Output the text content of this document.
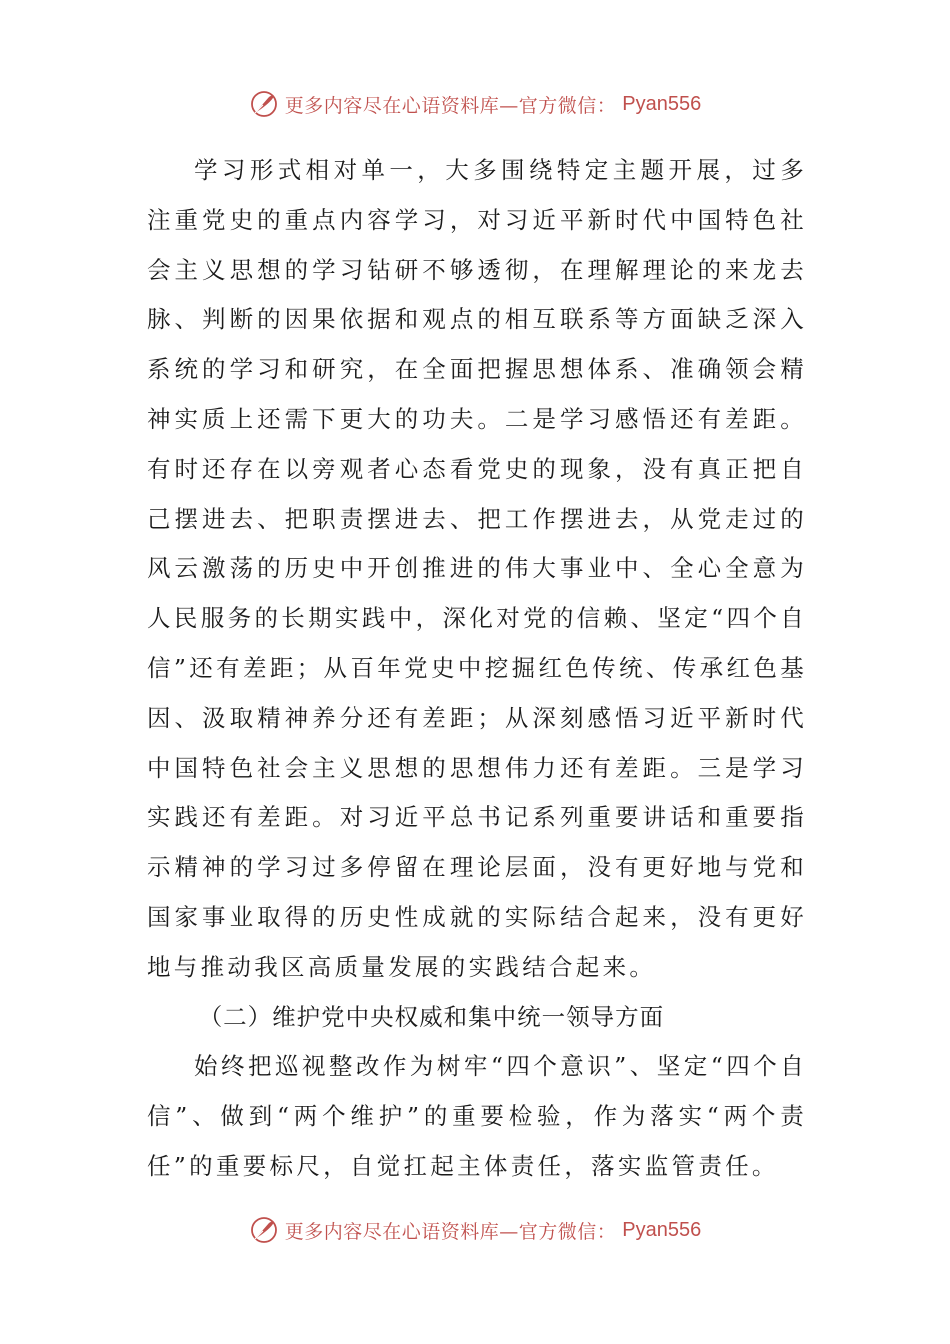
更多内容尽在心语资料库—官方微信： Pyan556

学习形式相对单一，大多围绕特定主题开展，过多注重党史的重点内容学习，对习近平新时代中国特色社会主义思想的学习钻研不够透彻，在理解理论的来龙去脉、判断的因果依据和观点的相互联系等方面缺乏深入系统的学习和研究，在全面把握思想体系、准确领会精神实质上还需下更大的功夫。二是学习感悟还有差距。有时还存在以旁观者心态看党史的现象，没有真正把自己摆进去、把职责摆进去、把工作摆进去，从党走过的风云激荡的历史中开创推进的伟大事业中、全心全意为人民服务的长期实践中，深化对党的信赖、坚定“四个自信”还有差距；从百年党史中挖掘红色传统、传承红色基因、汲取精神养分还有差距；从深刻感悟习近平新时代中国特色社会主义思想的思想伟力还有差距。三是学习实践还有差距。对习近平总书记系列重要讲话和重要指示精神的学习过多停留在理论层面，没有更好地与党和国家事业取得的历史性成就的实际结合起来，没有更好地与推动我区高质量发展的实践结合起来。

（二）维护党中央权威和集中统一领导方面

始终把巡视整改作为树牢“四个意识”、坚定“四个自信”、做到“两个维护”的重要检验，作为落实“两个责任”的重要标尺，自觉扛起主体责任，落实监管责任。

更多内容尽在心语资料库—官方微信： Pyan556
